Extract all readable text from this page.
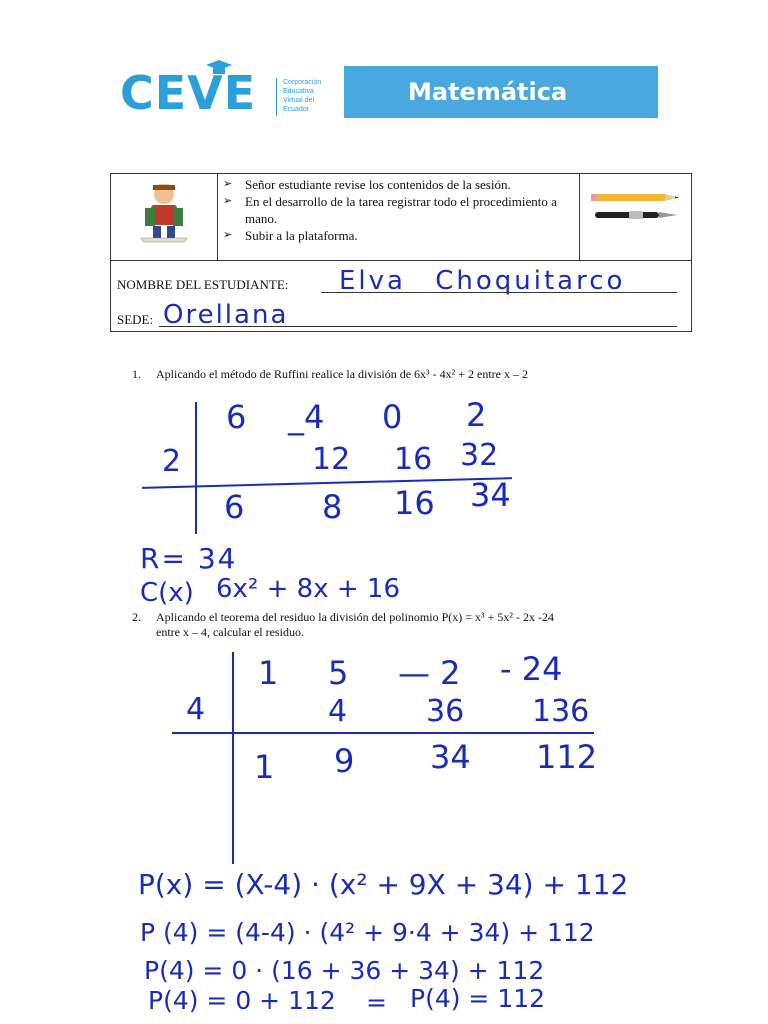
CEVE	Corporación
Educativa
Virtual del
Ecuador
Matemática
➢ Señor estudiante revise los contenidos de la sesión.
➢ En el desarrollo de la tarea registrar todo el procedimiento a mano.
➢ Subir a la plataforma.
NOMBRE DEL ESTUDIANTE: Elva Choquitarco
SEDE: Orellana
1. Aplicando el método de Ruffini realice la división de 6x³ - 4x² + 2 entre x – 2
2
6 _4 0 2
12 16 32
6 8 16 34
R= 34
C(x) 6x² + 8x + 16
2. Aplicando el teorema del residuo la división del polinomio P(x) = x³ + 5x² - 2x -24
entre x – 4, calcular el residuo.
4
1 5 — 2 - 24
4	36 136
1 9 34 112
P(x) = (X-4) · (x² + 9X + 34) + 112
P (4) = (4-4) · (4² + 9·4 + 34) + 112
P(4) = 0 · (16 + 36 + 34) + 112
P(4) = 0 + 112 = P(4) = 112
